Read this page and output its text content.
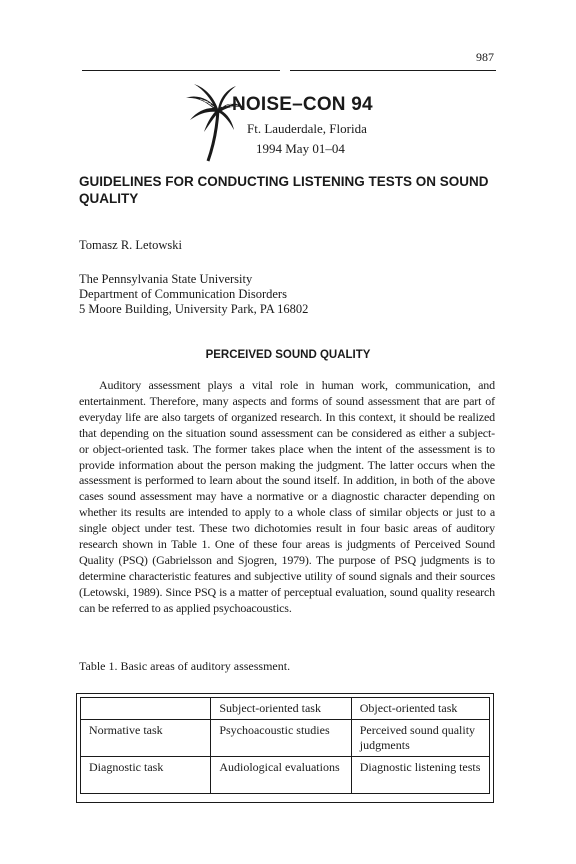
987
NOISE–CON 94
Ft. Lauderdale, Florida
1994 May 01–04
GUIDELINES FOR CONDUCTING LISTENING TESTS ON SOUND QUALITY
Tomasz R. Letowski
The Pennsylvania State University
Department of Communication Disorders
5 Moore Building, University Park, PA 16802
PERCEIVED SOUND QUALITY

Auditory assessment plays a vital role in human work, communication, and entertainment. Therefore, many aspects and forms of sound assessment that are part of everyday life are also targets of organized research. In this context, it should be realized that depending on the situation sound assessment can be considered as either a subject- or object-oriented task. The former takes place when the intent of the assessment is to provide information about the person making the judgment. The latter occurs when the assessment is performed to learn about the sound itself. In addition, in both of the above cases sound assessment may have a normative or a diagnostic character depending on whether its results are intended to apply to a whole class of similar objects or just to a single object under test. These two dichotomies result in four basic areas of auditory research shown in Table 1. One of these four areas is judgments of Perceived Sound Quality (PSQ) (Gabrielsson and Sjogren, 1979). The purpose of PSQ judgments is to determine characteristic features and subjective utility of sound signals and their sources (Letowski, 1989). Since PSQ is a matter of perceptual evaluation, sound quality research can be referred to as applied psychoacoustics.

Table 1. Basic areas of auditory assessment.
	Subject-oriented task	Object-oriented task
Normative task	Psychoacoustic studies	Perceived sound quality judgments
Diagnostic task	Audiological evaluations	Diagnostic listening tests
